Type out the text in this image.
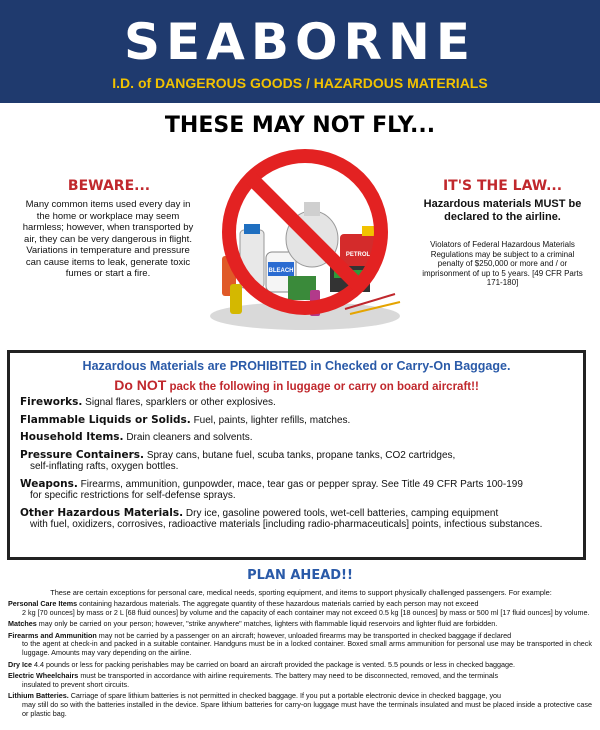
SEABORNE
I.D. of DANGEROUS GOODS / HAZARDOUS MATERIALS
THESE MAY NOT FLY...
BEWARE...
Many common items used every day in the home or workplace may seem harmless; however, when transported by air, they can be very dangerous in flight. Variations in temperature and pressure can cause items to leak, generate toxic fumes or start a fire.
IT'S THE LAW...
Hazardous materials MUST be declared to the airline.
Violators of Federal Hazardous Materials Regulations may be subject to a criminal penalty of $250,000 or more and / or imprisonment of up to 5 years. [49 CFR Parts 171-180]
BLEACH
PETROL
Hazardous Materials are PROHIBITED in Checked or Carry-On Baggage.
Do NOT pack the following in luggage or carry on board aircraft!!
Fireworks. Signal flares, sparklers or other explosives.
Flammable Liquids or Solids. Fuel, paints, lighter refills, matches.
Household Items. Drain cleaners and solvents.
Pressure Containers. Spray cans, butane fuel, scuba tanks, propane tanks, CO2 cartridges,
self-inflating rafts, oxygen bottles.
Weapons. Firearms, ammunition, gunpowder, mace, tear gas or pepper spray. See Title 49 CFR Parts 100-199
for specific restrictions for self-defense sprays.
Other Hazardous Materials. Dry ice, gasoline powered tools, wet-cell batteries, camping equipment
with fuel, oxidizers, corrosives, radioactive materials [including radio-pharmaceuticals] points, infectious substances.
PLAN AHEAD!!
These are certain exceptions for personal care, medical needs, sporting equipment, and items to support physically challenged passengers. For example:
Personal Care Items containing hazardous materials. The aggregate quantity of these hazardous materials carried by each person may not exceed
2 kg [70 ounces] by mass or 2 L [68 fluid ounces] by volume and the capacity of each container may not exceed 0.5 kg [18 ounces] by mass or 500 ml [17 fluid ounces] by volume.
Matches may only be carried on your person; however, "strike anywhere" matches, lighters with flammable liquid reservoirs and lighter fluid are forbidden.
Firearms and Ammunition may not be carried by a passenger on an aircraft; however, unloaded firearms may be transported in checked baggage if declared
to the agent at check-in and packed in a suitable container. Handguns must be in a locked container. Boxed small arms ammunition for personal use may be transported in check luggage. Amounts may vary depending on the airline.
Dry Ice 4.4 pounds or less for packing perishables may be carried on board an aircraft provided the package is vented. 5.5 pounds or less in checked baggage.
Electric Wheelchairs must be transported in accordance with airline requirements. The battery may need to be disconnected, removed, and the terminals
insulated to prevent short circuits.
Lithium Batteries. Carriage of spare lithium batteries is not permitted in checked baggage. If you put a portable electronic device in checked baggage, you
may still do so with the batteries installed in the device. Spare lithium batteries for carry-on luggage must have the terminals insulated and must be placed inside a protective case or plastic bag.
